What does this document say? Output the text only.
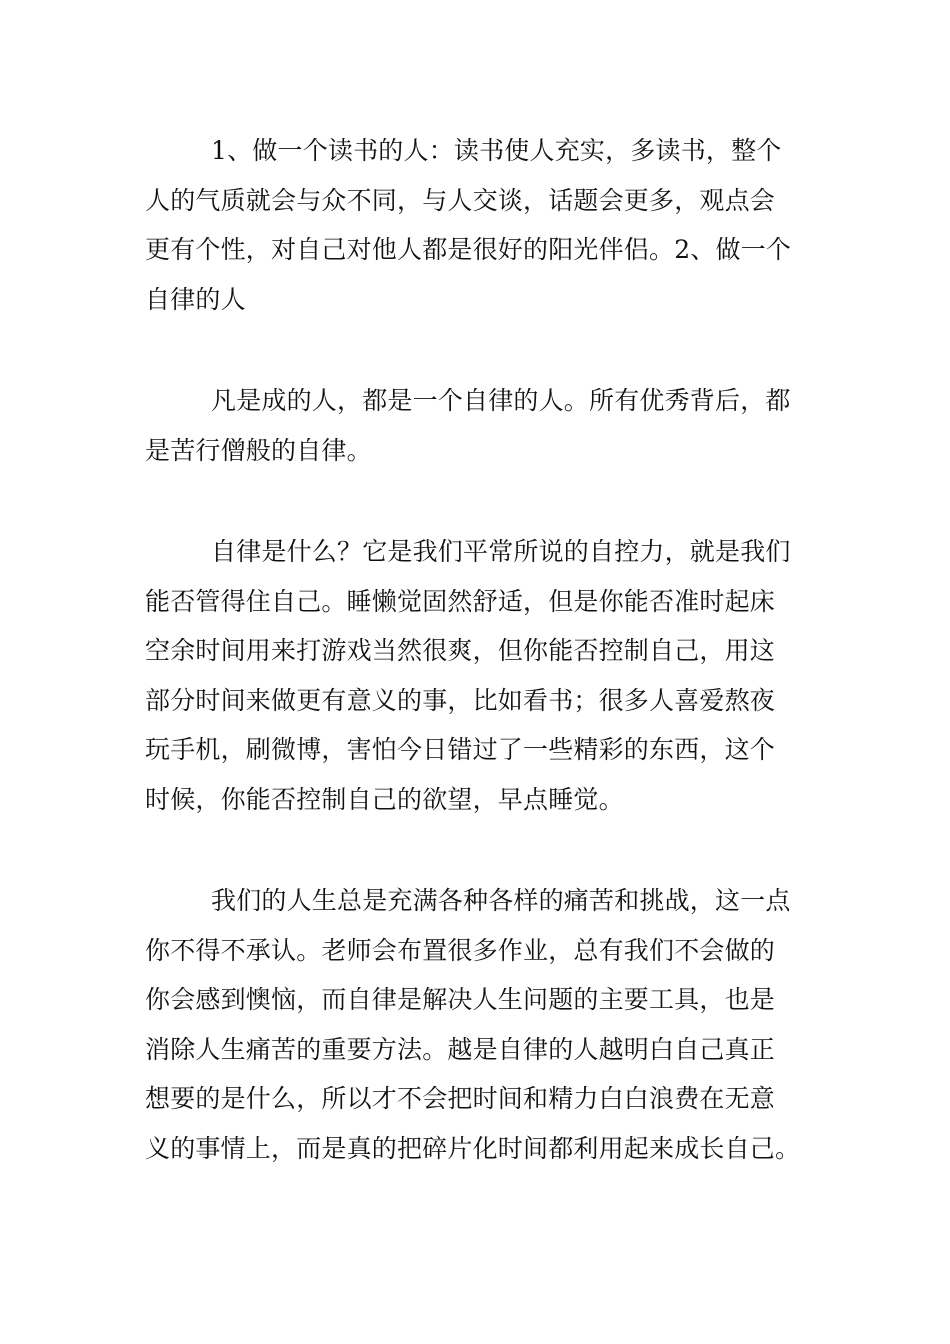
1、做一个读书的人：读书使人充实，多读书，整个
人的气质就会与众不同，与人交谈，话题会更多，观点会
更有个性，对自己对他人都是很好的阳光伴侣。2、做一个
自律的人
凡是成的人，都是一个自律的人。所有优秀背后，都
是苦行僧般的自律。
自律是什么？它是我们平常所说的自控力，就是我们
能否管得住自己。睡懒觉固然舒适，但是你能否准时起床
空余时间用来打游戏当然很爽，但你能否控制自己，用这
部分时间来做更有意义的事，比如看书；很多人喜爱熬夜
玩手机，刷微博，害怕今日错过了一些精彩的东西，这个
时候，你能否控制自己的欲望，早点睡觉。
我们的人生总是充满各种各样的痛苦和挑战，这一点
你不得不承认。老师会布置很多作业，总有我们不会做的
你会感到懊恼，而自律是解决人生问题的主要工具，也是
消除人生痛苦的重要方法。越是自律的人越明白自己真正
想要的是什么，所以才不会把时间和精力白白浪费在无意
义的事情上，而是真的把碎片化时间都利用起来成长自己。
